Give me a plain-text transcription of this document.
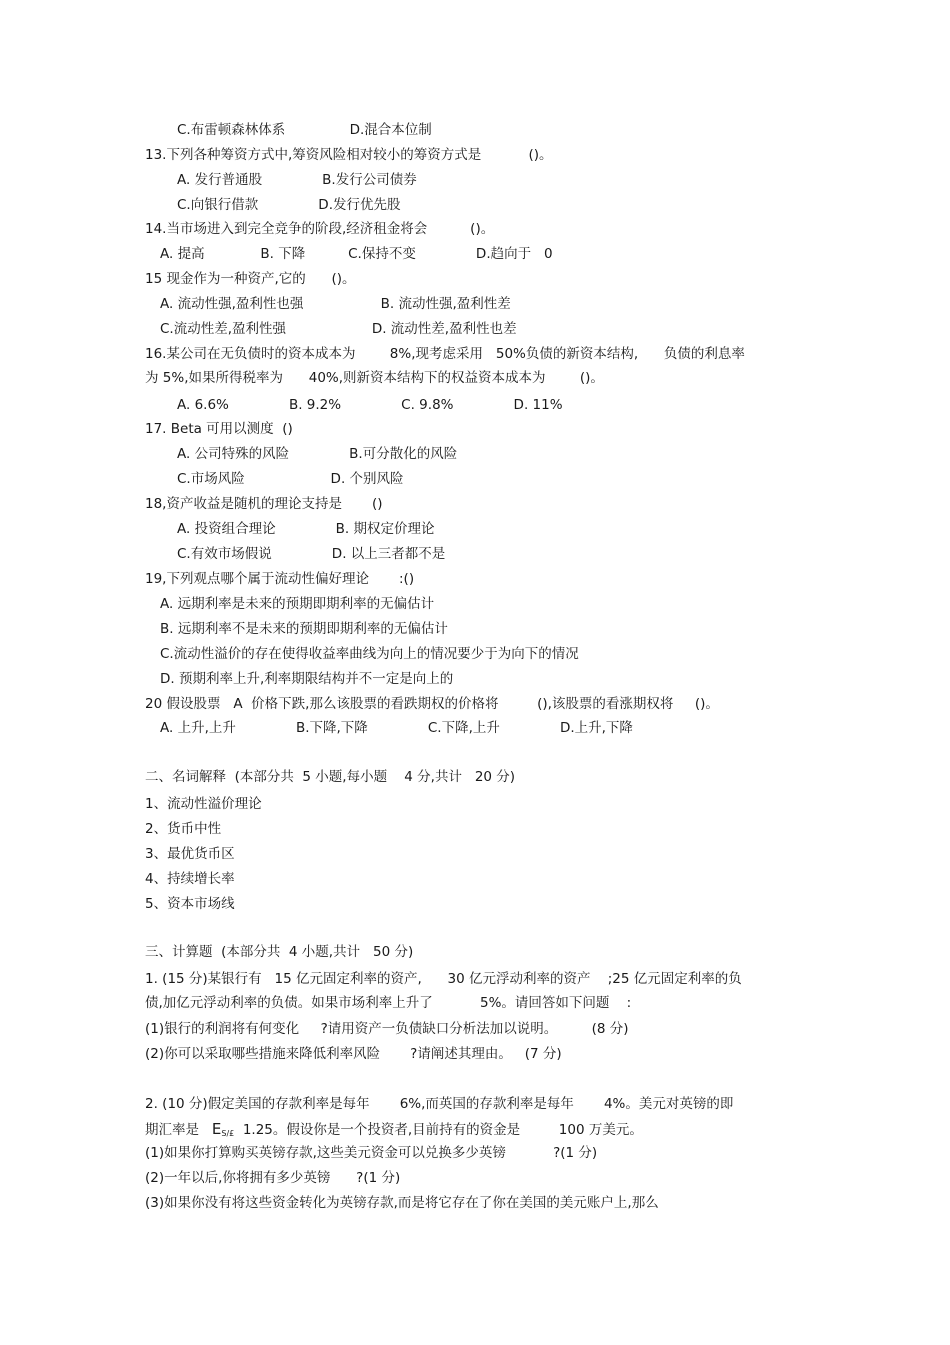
C.布雷顿森林体系               D.混合本位制
13.下列各种筹资方式中,筹资风险相对较小的筹资方式是           ()。
A. 发行普通股              B.发行公司债券
C.向银行借款              D.发行优先股
14.当市场进入到完全竞争的阶段,经济租金将会          ()。
A. 提高             B. 下降          C.保持不变              D.趋向于   0
15 现金作为一种资产,它的      ()。
A. 流动性强,盈利性也强                  B. 流动性强,盈利性差
C.流动性差,盈利性强                    D. 流动性差,盈利性也差
16.某公司在无负债时的资本成本为        8%,现考虑采用   50%负债的新资本结构,      负债的利息率
为 5%,如果所得税率为      40%,则新资本结构下的权益资本成本为        ()。
A. 6.6%              B. 9.2%              C. 9.8%              D. 11%
17. Beta 可用以测度  ()
A. 公司特殊的风险              B.可分散化的风险
C.市场风险                    D. 个别风险
18,资产收益是随机的理论支持是       ()
A. 投资组合理论              B. 期权定价理论
C.有效市场假说              D. 以上三者都不是
19,下列观点哪个属于流动性偏好理论       :()
A. 远期利率是未来的预期即期利率的无偏估计
B. 远期利率不是未来的预期即期利率的无偏估计
C.流动性溢价的存在使得收益率曲线为向上的情况要少于为向下的情况
D. 预期利率上升,利率期限结构并不一定是向上的
20 假设股票   A  价格下跌,那么该股票的看跌期权的价格将         (),该股票的看涨期权将     ()。
A. 上升,上升              B.下降,下降              C.下降,上升              D.上升,下降
二、名词解释  (本部分共  5 小题,每小题    4 分,共计   20 分)
1、流动性溢价理论
2、货币中性
3、最优货币区
4、持续增长率
5、资本市场线
三、计算题  (本部分共  4 小题,共计   50 分)
1. (15 分)某银行有   15 亿元固定利率的资产,      30 亿元浮动利率的资产    ;25 亿元固定利率的负
债,加亿元浮动利率的负债。如果市场利率上升了           5%。请回答如下问题    :
(1)银行的利润将有何变化     ?请用资产一负债缺口分析法加以说明。        (8 分)
(2)你可以采取哪些措施来降低利率风险       ?请阐述其理由。   (7 分)
2. (10 分)假定美国的存款利率是每年       6%,而英国的存款利率是每年       4%。美元对英镑的即
期汇率是 $E_{S/£}$ 1.25。假设你是一个投资者,目前持有的资金是         100 万美元。
(1)如果你打算购买英镑存款,这些美元资金可以兑换多少英镑           ?(1 分)
(2)一年以后,你将拥有多少英镑      ?(1 分)
(3)如果你没有将这些资金转化为英镑存款,而是将它存在了你在美国的美元账户上,那么
